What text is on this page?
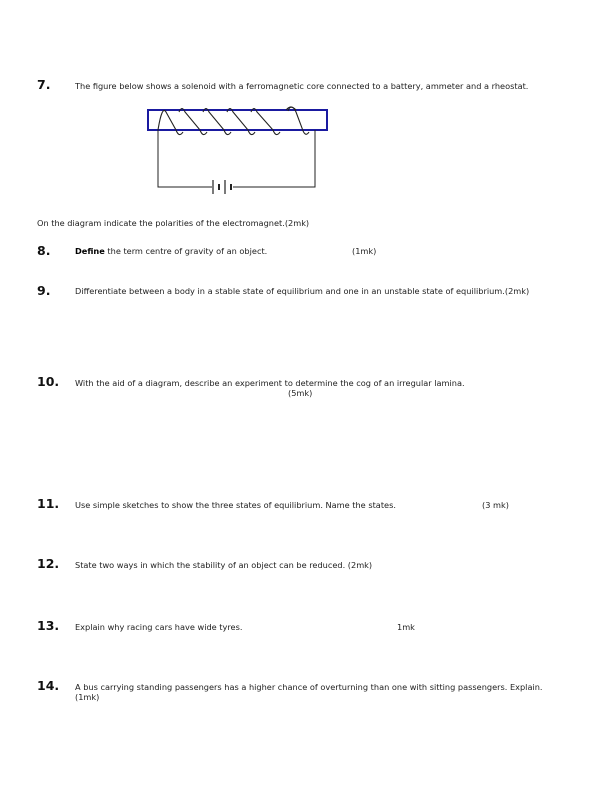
7.	The figure below shows a solenoid with a ferromagnetic core connected to a battery, ammeter and a rheostat.
On the diagram indicate the polarities of the electromagnet.(2mk)
8.	Define the term centre of gravity of an object.	(1mk)
9.	Differentiate between a body in a stable state of equilibrium and one in an unstable state of equilibrium.(2mk)
10. With the aid of a diagram, describe an experiment to determine the cog of an irregular lamina.
(5mk)
11. Use simple sketches to show the three states of equilibrium. Name the states.	(3 mk)
12. State two ways in which the stability of an object can be reduced. (2mk)
13. Explain why racing cars have wide tyres.	1mk
14. A bus carrying standing passengers has a higher chance of overturning than one with sitting passengers. Explain.(1mk)
